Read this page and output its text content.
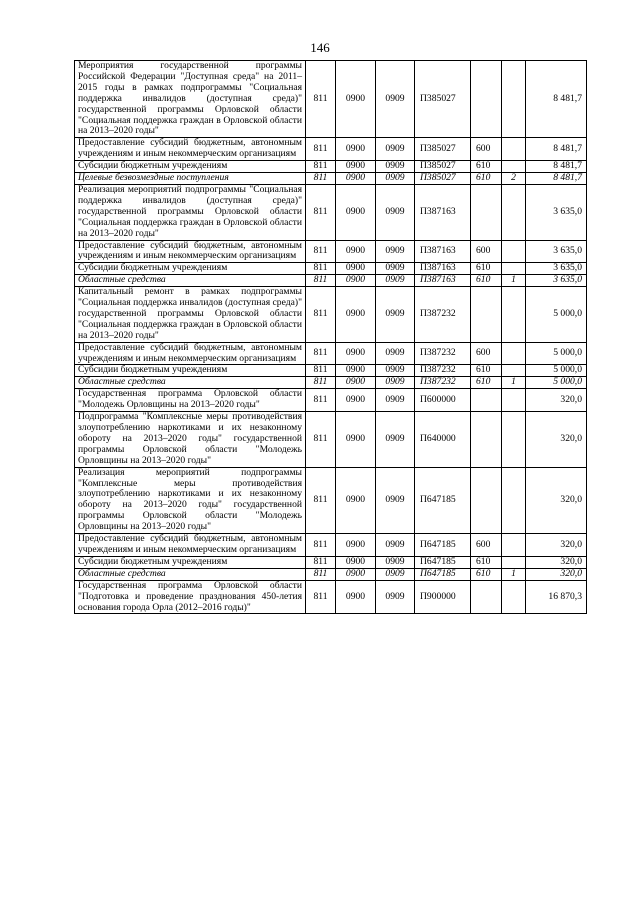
146
Мероприятия государственной программы Российской Федерации "Доступная среда" на 2011–2015 годы в рамках подпрограммы "Социальная поддержка инвалидов (доступная среда)" государственной программы Орловской области "Социальная поддержка граждан в Орловской области на 2013–2020 годы"	811	0900	0909	П385027			8 481,7
Предоставление субсидий бюджетным, автономным учреждениям и иным некоммерческим организациям	811	0900	0909	П385027	600		8 481,7
Субсидии бюджетным учреждениям	811	0900	0909	П385027	610		8 481,7
Целевые безвозмездные поступления	811	0900	0909	П385027	610	2	8 481,7
Реализация мероприятий подпрограммы "Социальная поддержка инвалидов (доступная среда)" государственной программы Орловской области "Социальная поддержка граждан в Орловской области на 2013–2020 годы"	811	0900	0909	П387163			3 635,0
Предоставление субсидий бюджетным, автономным учреждениям и иным некоммерческим организациям	811	0900	0909	П387163	600		3 635,0
Субсидии бюджетным учреждениям	811	0900	0909	П387163	610		3 635,0
Областные средства	811	0900	0909	П387163	610	1	3 635,0
Капитальный ремонт в рамках подпрограммы "Социальная поддержка инвалидов (доступная среда)" государственной программы Орловской области "Социальная поддержка граждан в Орловской области на 2013–2020 годы"	811	0900	0909	П387232			5 000,0
Предоставление субсидий бюджетным, автономным учреждениям и иным некоммерческим организациям	811	0900	0909	П387232	600		5 000,0
Субсидии бюджетным учреждениям	811	0900	0909	П387232	610		5 000,0
Областные средства	811	0900	0909	П387232	610	1	5 000,0
Государственная программа Орловской области "Молодежь Орловщины на 2013–2020 годы"	811	0900	0909	П600000			320,0
Подпрограмма "Комплексные меры противодействия злоупотреблению наркотиками и их незаконному обороту на 2013–2020 годы" государственной программы Орловской области "Молодежь Орловщины на 2013–2020 годы"	811	0900	0909	П640000			320,0
Реализация мероприятий подпрограммы "Комплексные меры противодействия злоупотреблению наркотиками и их незаконному обороту на 2013–2020 годы" государственной программы Орловской области "Молодежь Орловщины на 2013–2020 годы"	811	0900	0909	П647185			320,0
Предоставление субсидий бюджетным, автономным учреждениям и иным некоммерческим организациям	811	0900	0909	П647185	600		320,0
Субсидии бюджетным учреждениям	811	0900	0909	П647185	610		320,0
Областные средства	811	0900	0909	П647185	610	1	320,0
Государственная программа Орловской области "Подготовка и проведение празднования 450-летия основания города Орла (2012–2016 годы)"	811	0900	0909	П900000			16 870,3
